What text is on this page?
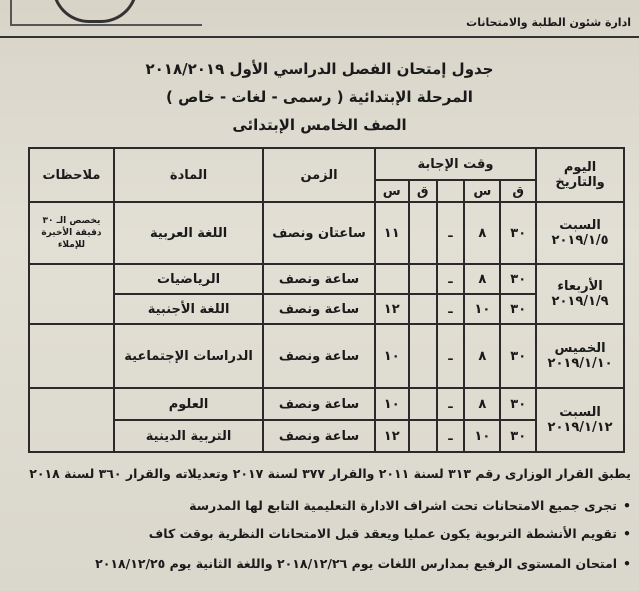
ادارة شئون الطلبة والامتحانات
جدول إمتحان الفصل الدراسي الأول ٢٠١٨/٢٠١٩
المرحلة الإبتدائية ( رسمى - لغات - خاص )
الصف الخامس الإبتدائى
اليوم والتاريخ	وقت الإجابة					الزمن	المادة	ملاحظات
	ق	س		ق	س			

السبت
٢٠١٩/١/٥	٣٠	٨	ـ		١١	ساعتان ونصف	اللغة العربية	يخصص الـ ٣٠ دقيقة الأخيرة للإملاء

الأربعاء
٢٠١٩/١/٩	٣٠	٨	ـ			ساعة ونصف	الرياضيات	
	٣٠	١٠	ـ		١٢	ساعة ونصف	اللغة الأجنبية	

الخميس
٢٠١٩/١/١٠	٣٠	٨	ـ		١٠	ساعة ونصف	الدراسات الإجتماعية	

السبت
٢٠١٩/١/١٢	٣٠	٨	ـ		١٠	ساعة ونصف	العلوم	
	٣٠	١٠	ـ		١٢	ساعة ونصف	التربية الدينية	
يطبق القرار الوزارى رقم ٣١٣ لسنة ٢٠١١ والقرار ٣٧٧ لسنة ٢٠١٧ وتعديلاته والقرار ٣٦٠ لسنة ٢٠١٨
• تجرى جميع الامتحانات تحت اشراف الادارة التعليمية التابع لها المدرسة
• تقويم الأنشطة التربوية يكون عمليا ويعقد قبل الامتحانات النظرية بوقت كاف
• امتحان المستوى الرفيع بمدارس اللغات يوم ٢٠١٨/١٢/٢٦ واللغة الثانية يوم ٢٠١٨/١٢/٢٥
